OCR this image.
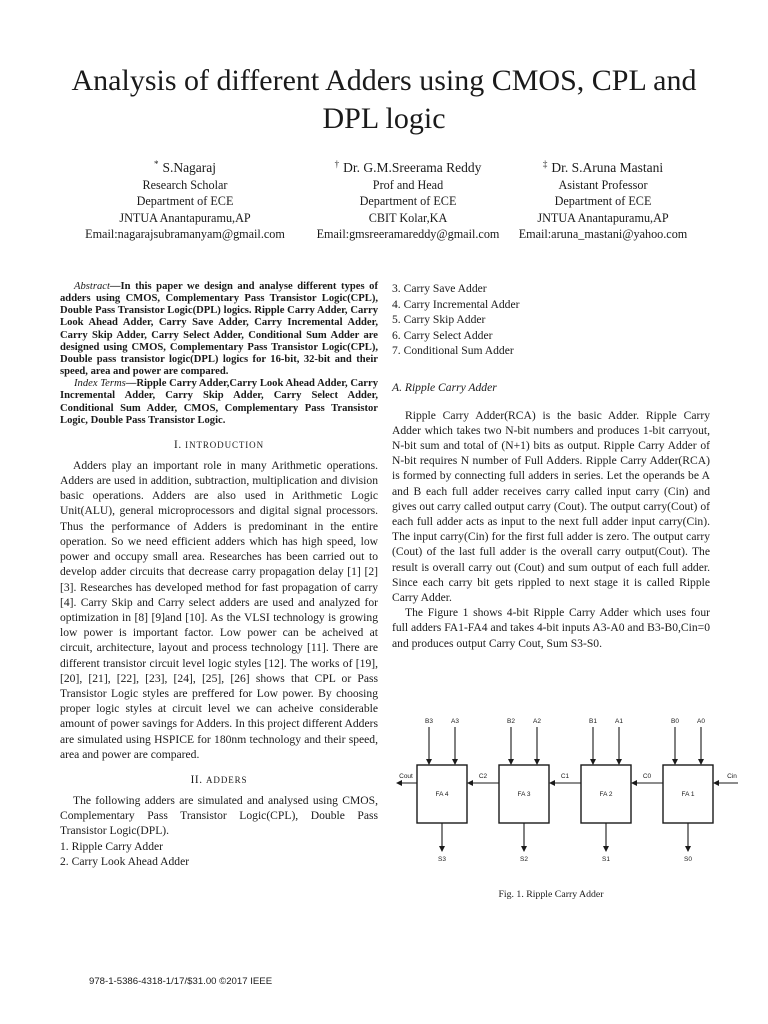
Analysis of different Adders using CMOS, CPL and
DPL logic
* S.Nagaraj
Research Scholar
Department of ECE
JNTUA Anantapuramu,AP
Email:nagarajsubramanyam@gmail.com
† Dr. G.M.Sreerama Reddy
Prof and Head
Department of ECE
CBIT Kolar,KA
Email:gmsreeramareddy@gmail.com
‡ Dr. S.Aruna Mastani
Asistant Professor
Department of ECE
JNTUA Anantapuramu,AP
Email:aruna_mastani@yahoo.com

Abstract—In this paper we design and analyse different types of adders using CMOS, Complementary Pass Transistor Logic(CPL), Double Pass Transistor Logic(DPL) logics. Ripple Carry Adder, Carry Look Ahead Adder, Carry Save Adder, Carry Incremental Adder, Carry Skip Adder, Carry Select Adder, Conditional Sum Adder are designed using CMOS, Complementary Pass Transistor Logic(CPL), Double pass transistor logic(DPL) logics for 16-bit, 32-bit and their speed, area and power are compared.

Index Terms—Ripple Carry Adder,Carry Look Ahead Adder, Carry Incremental Adder, Carry Skip Adder, Carry Select Adder, Conditional Sum Adder, CMOS, Complementary Pass Transistor Logic, Double Pass Transistor Logic.

I. INTRODUCTION

Adders play an important role in many Arithmetic operations. Adders are used in addition, subtraction, multiplication and division basic operations. Adders are also used in Arithmetic Logic Unit(ALU), general microprocessors and digital signal processors. Thus the performance of Adders is predominant in the entire operation. So we need efficient adders which has high speed, low power and occupy small area. Researches has been carried out to develop adder circuits that decrease carry propagation delay [1] [2] [3]. Researches has developed method for fast propagation of carry [4]. Carry Skip and Carry select adders are used and analyzed for optimization in [8] [9]and [10]. As the VLSI technology is growing low power is important factor. Low power can be acheived at circuit, architecture, layout and process technology [11]. There are different transistor circuit level logic styles [12]. The works of [19], [20], [21], [22], [23], [24], [25], [26] shows that CPL or Pass Transistor Logic styles are preffered for Low power. By choosing proper logic styles at circuit level we can acheive considerable amount of power savings for Adders. In this project different Adders are simulated using HSPICE for 180nm technology and their speed, area and power are compared.

II. ADDERS

The following adders are simulated and analysed using CMOS, Complementary Pass Transistor Logic(CPL), Double Pass Transistor Logic(DPL).

1. Ripple Carry Adder

2. Carry Look Ahead Adder

3. Carry Save Adder

4. Carry Incremental Adder

5. Carry Skip Adder

6. Carry Select Adder

7. Conditional Sum Adder

A. Ripple Carry Adder

Ripple Carry Adder(RCA) is the basic Adder. Ripple Carry Adder which takes two N-bit numbers and produces 1-bit carryout, N-bit sum and total of (N+1) bits as output. Ripple Carry Adder of N-bit requires N number of Full Adders. Ripple Carry Adder(RCA) is formed by connecting full adders in series. Let the operands be A and B each full adder receives carry called input carry (Cin) and gives out carry called output carry (Cout). The output carry(Cout) of each full adder acts as input to the next full adder input carry(Cin). The input carry(Cin) for the first full adder is zero. The output carry (Cout) of the last full adder is the overall carry output(Cout). The result is overall carry out (Cout) and sum output of each full adder. Since each carry bit gets rippled to next stage it is called Ripple Carry Adder.

The Figure 1 shows 4-bit Ripple Carry Adder which uses four full adders FA1-FA4 and takes 4-bit inputs A3-A0 and B3-B0,Cin=0 and produces output Carry Cout, Sum S3-S0.

FA 4
B3	A3
S3
FA 3
B2	A2
S2
FA 2
B1	A1
S1
FA 1
B0	A0
S0
C2	C1	C0	Cin
Cout
Fig. 1. Ripple Carry Adder
978-1-5386-4318-1/17/$31.00 ©2017 IEEE
